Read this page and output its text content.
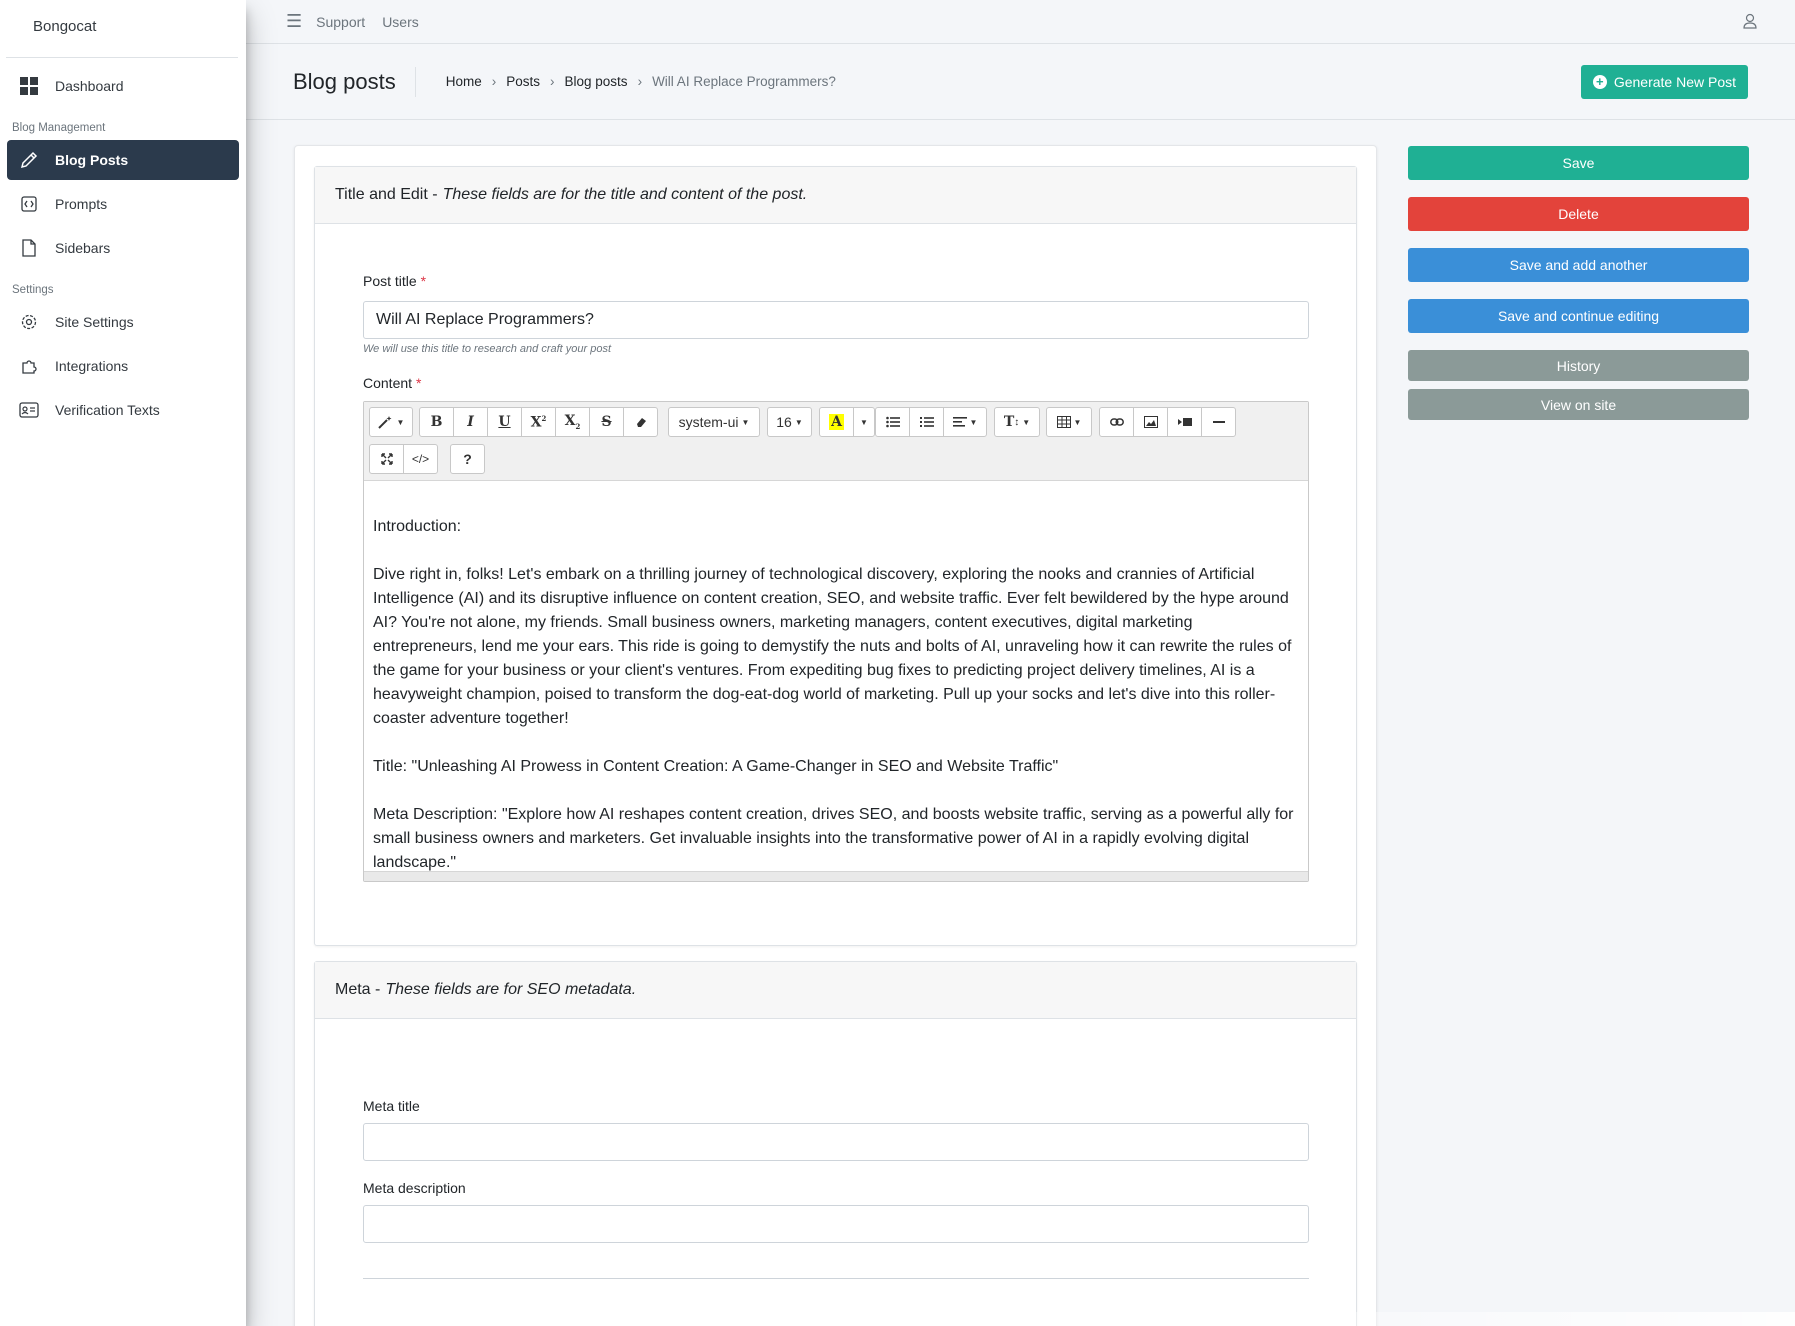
Bongocat
Dashboard
Blog Management
Blog Posts
Prompts
Sidebars
Settings
Site Settings
Integrations
Verification Texts
☰ Support Users
Blog posts	Home › Posts › Blog posts › Will AI Replace Programmers?	+ Generate New Post
Title and Edit - These fields are for the title and content of the post.
Post title *
Will AI Replace Programmers?
We will use this title to research and craft your post
Content *
▼ B I U $X^2$ $X_2$ S	system-ui ▼ 16 ▼ A ▼	▼ T ↕ ▼	▼
</> ?

Introduction:

Dive right in, folks! Let's embark on a thrilling journey of technological discovery, exploring the nooks and crannies of Artificial Intelligence (AI) and its disruptive influence on content creation, SEO, and website traffic. Ever felt bewildered by the hype around AI? You're not alone, my friends. Small business owners, marketing managers, content executives, digital marketing entrepreneurs, lend me your ears. This ride is going to demystify the nuts and bolts of AI, unraveling how it can rewrite the rules of the game for your business or your client's ventures. From expediting bug fixes to predicting project delivery timelines, AI is a heavyweight champion, poised to transform the dog-eat-dog world of marketing. Pull up your socks and let's dive into this roller-coaster adventure together!

Title: "Unleashing AI Prowess in Content Creation: A Game-Changer in SEO and Website Traffic"

Meta Description: "Explore how AI reshapes content creation, drives SEO, and boosts website traffic, serving as a powerful ally for small business owners and marketers. Get invaluable insights into the transformative power of AI in a rapidly evolving digital landscape."

Meta - These fields are for SEO metadata.
Meta title
Meta description
Save
Delete
Save and add another
Save and continue editing
History
View on site
